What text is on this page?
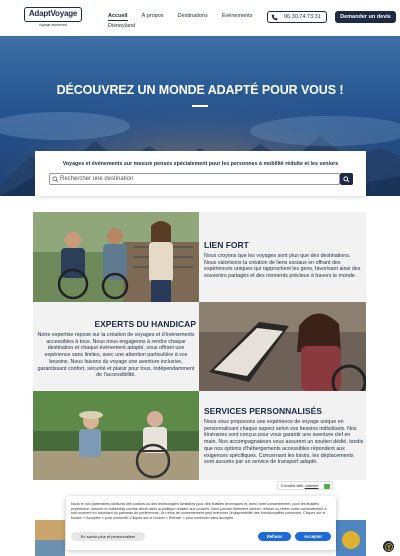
AdaptVoyage
Voyage autrement
Accueil	À propos	Destinations	Évènements
Disneyland
06.30.74.73.31	Demander un devis
DÉCOUVREZ UN MONDE ADAPTÉ POUR VOUS !
Voyages et évènements sur mesure pensés spécialement pour les personnes à mobilité réduite et les seniors
Rechercher une destination
LIEN FORT
Nous croyons que les voyages sont plus que des destinations. Nous valorisons la création de liens sociaux en offrant des expériences uniques qui rapprochent les gens, favorisant ainsi des souvenirs partagés et des moments précieux à travers le monde.
EXPERTS DU HANDICAP
Notre expertise repose sur la création de voyages et d'évènements accessibles à tous. Nous nous engageons à rendre chaque destination et chaque évènement adapté, vous offrant une expérience sans limites, avec une attention particulière à vos besoins. Nous faisons du voyage une aventure inclusive, garantissant confort, sécurité et plaisir pour tous, indépendamment de l'accessibilité.
SERVICES PERSONNALISÉS
Nous vous proposons une expérience de voyage unique en personnalisant chaque aspect selon vos besoins individuels. Nos itinéraires sont conçus pour vous garantir une aventure clef en main. Nos accompagnateurs vous assurent un soutien dédié, tandis que nos options d'hébergements accessibles répondent aux exigences spécifiques. Concernant les loisirs, les déplacements sont assurés par un service de transport adapté.
Created with
cabeste
Nous et nos partenaires utilisons des cookies ou des technologies similaires pour des finalités techniques et, avec votre consentement, pour les finalités expérience, mesure et marketing comme décrit dans la politique relative aux cookies. Vous pouvez librement donner, refuser ou retirer votre consentement à tout moment en accédant au panneau de préférences. Un refus de consentement peut entraîner l'indisponibilité des fonctionnalités connexes. Cliquez sur le bouton « Accepter » pour consentir. Cliquez sur le bouton « Refuser » pour continuer sans accepter.
En savoir plus et personnaliser	Refuser	Accepter
